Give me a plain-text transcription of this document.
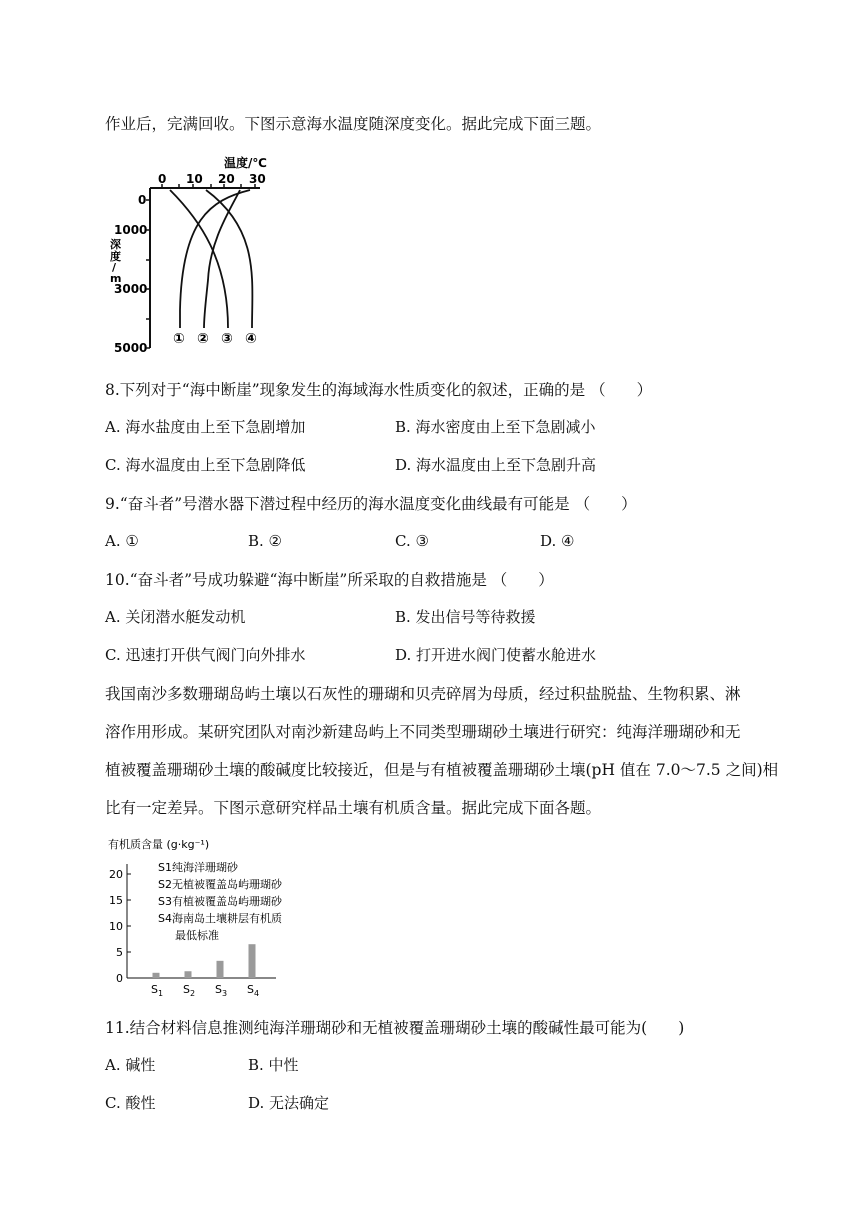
作业后，完满回收。下图示意海水温度随深度变化。据此完成下面三题。
温度/℃
0 10 20 30
0
1000
3000
5000
深
度
/
m
① ② ③ ④
8.下列对于“海中断崖”现象发生的海域海水性质变化的叙述，正确的是 （　　）
A. 海水盐度由上至下急剧增加	B. 海水密度由上至下急剧减小
C. 海水温度由上至下急剧降低	D. 海水温度由上至下急剧升高
9.“奋斗者”号潜水器下潜过程中经历的海水温度变化曲线最有可能是 （　　）
A. ①	B. ②	C. ③	D. ④
10.“奋斗者”号成功躲避“海中断崖”所采取的自救措施是 （　　）
A. 关闭潜水艇发动机	B. 发出信号等待救援
C. 迅速打开供气阀门向外排水	D. 打开进水阀门使蓄水舱进水
我国南沙多数珊瑚岛屿土壤以石灰性的珊瑚和贝壳碎屑为母质，经过积盐脱盐、生物积累、淋
溶作用形成。某研究团队对南沙新建岛屿上不同类型珊瑚砂土壤进行研究：纯海洋珊瑚砂和无
植被覆盖珊瑚砂土壤的酸碱度比较接近，但是与有植被覆盖珊瑚砂土壤(pH 值在 7.0～7.5 之间)相
比有一定差异。下图示意研究样品土壤有机质含量。据此完成下面各题。
有机质含量 (g·kg⁻¹)
0
5
10
15
20
$S_1$ $S_2$ $S_3$ $S_4$
S1纯海洋珊瑚砂
S2无植被覆盖岛屿珊瑚砂
S3有植被覆盖岛屿珊瑚砂
S4海南岛土壤耕层有机质
最低标准
11.结合材料信息推测纯海洋珊瑚砂和无植被覆盖珊瑚砂土壤的酸碱性最可能为(　　)
A. 碱性	B. 中性
C. 酸性	D. 无法确定
